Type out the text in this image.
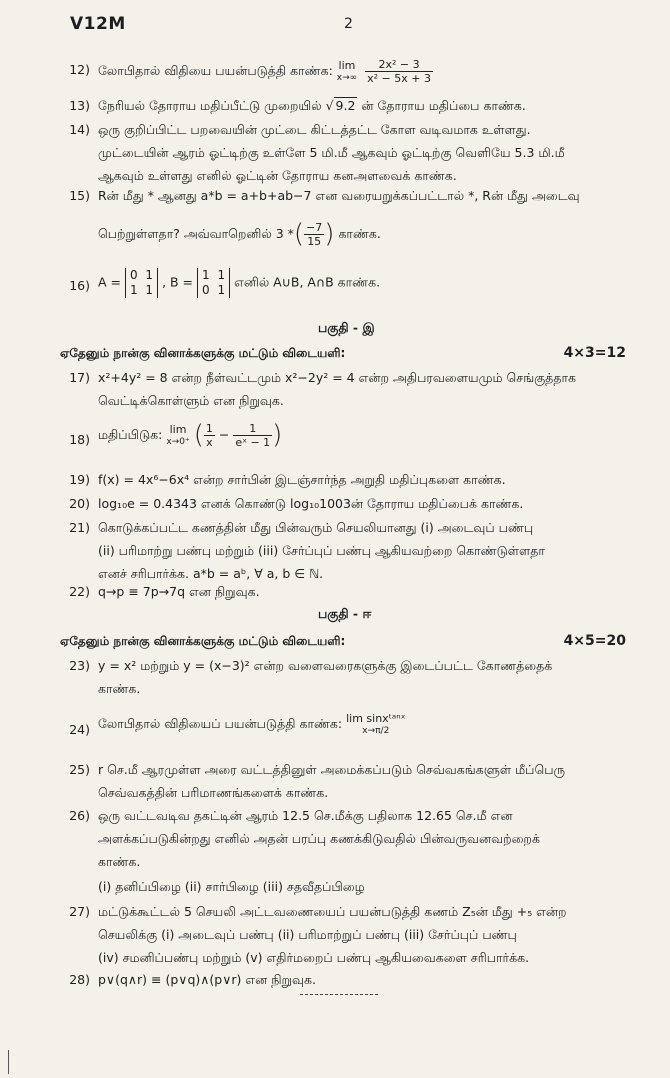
V12M	2
12) லோபிதால் விதியை பயன்படுத்தி காண்க: lim
x→∞
$\frac{\text{2x² − 3}}{\text{x² − 5x + 3}}$
13) நேரியல் தோராய மதிப்பீட்டு முறையில் √ 9.2 ன் தோராய மதிப்பை காண்க.
14) ஒரு குறிப்பிட்ட பறவையின் முட்டை கிட்டத்தட்ட கோள வடிவமாக உள்ளது.
முட்டையின் ஆரம் ஓட்டிற்கு உள்ளே 5 மி.மீ ஆகவும் ஓட்டிற்கு வெளியே 5.3 மி.மீ
ஆகவும் உள்ளது எனில் ஓட்டின் தோராய கனஅளவைக் காண்க.
15) Rன் மீது * ஆனது a*b = a+b+ab−7 என வரையறுக்கப்பட்டால் *, Rன் மீது அடைவு
பெற்றுள்ளதா? அவ்வாறெனில் 3 *( $\frac{-7}{15}$ ) காண்க.
16) A = 0 1
1 1
, B = 1 1
0 1
எனில் A∪B, A∩B காண்க.
பகுதி - இ
ஏதேனும் நான்கு வினாக்களுக்கு மட்டும் விடையளி:	4×3=12
17) x²+4y² = 8 என்ற நீள்வட்டமும் x²−2y² = 4 என்ற அதிபரவளையமும் செங்குத்தாக
வெட்டிக்கொள்ளும் என நிறுவுக.
18) மதிப்பிடுக: lim
x→0⁺ ( $\frac{1}{x} - \frac{1}{\text{eˣ − 1}}$ )
19) f(x) = 4x⁶−6x⁴ என்ற சார்பின் இடஞ்சார்ந்த அறுதி மதிப்புகளை காண்க.
20) log₁₀e = 0.4343 எனக் கொண்டு log₁₀1003ன் தோராய மதிப்பைக் காண்க.
21) கொடுக்கப்பட்ட கணத்தின் மீது பின்வரும் செயலியானது (i) அடைவுப் பண்பு
(ii) பரிமாற்று பண்பு மற்றும் (iii) சேர்ப்புப் பண்பு ஆகியவற்றை கொண்டுள்ளதா
எனச் சரிபார்க்க. a*b = aᵇ, ∀ a, b ∈ ℕ.
22) q→p ≡ 7p→7q என நிறுவுக.
பகுதி - ஈ
ஏதேனும் நான்கு வினாக்களுக்கு மட்டும் விடையளி:	4×5=20
23) y = x² மற்றும் y = (x−3)² என்ற வளைவரைகளுக்கு இடைப்பட்ட கோணத்தைக்
காண்க.
24) லோபிதால் விதியைப் பயன்படுத்தி காண்க: lim sinxᵗᵃⁿˣ
x→π/2
25) r செ.மீ ஆரமுள்ள அரை வட்டத்தினுள் அமைக்கப்படும் செவ்வகங்களுள் மீப்பெரு
செவ்வகத்தின் பரிமாணங்களைக் காண்க.
26) ஒரு வட்டவடிவ தகட்டின் ஆரம் 12.5 செ.மீக்கு பதிலாக 12.65 செ.மீ என
அளக்கப்படுகின்றது எனில் அதன் பரப்பு கணக்கிடுவதில் பின்வருவனவற்றைக்
காண்க.
(i) தனிப்பிழை (ii) சார்பிழை (iii) சதவீதப்பிழை
27) மட்டுக்கூட்டல் 5 செயலி அட்டவணையைப் பயன்படுத்தி கணம் Z₅ன் மீது +₅ என்ற
செயலிக்கு (i) அடைவுப் பண்பு (ii) பரிமாற்றுப் பண்பு (iii) சேர்ப்புப் பண்பு
(iv) சமனிப்பண்பு மற்றும் (v) எதிர்மறைப் பண்பு ஆகியவைகளை சரிபார்க்க.
28) p∨(q∧r) ≡ (p∨q)∧(p∨r) என நிறுவுக.
